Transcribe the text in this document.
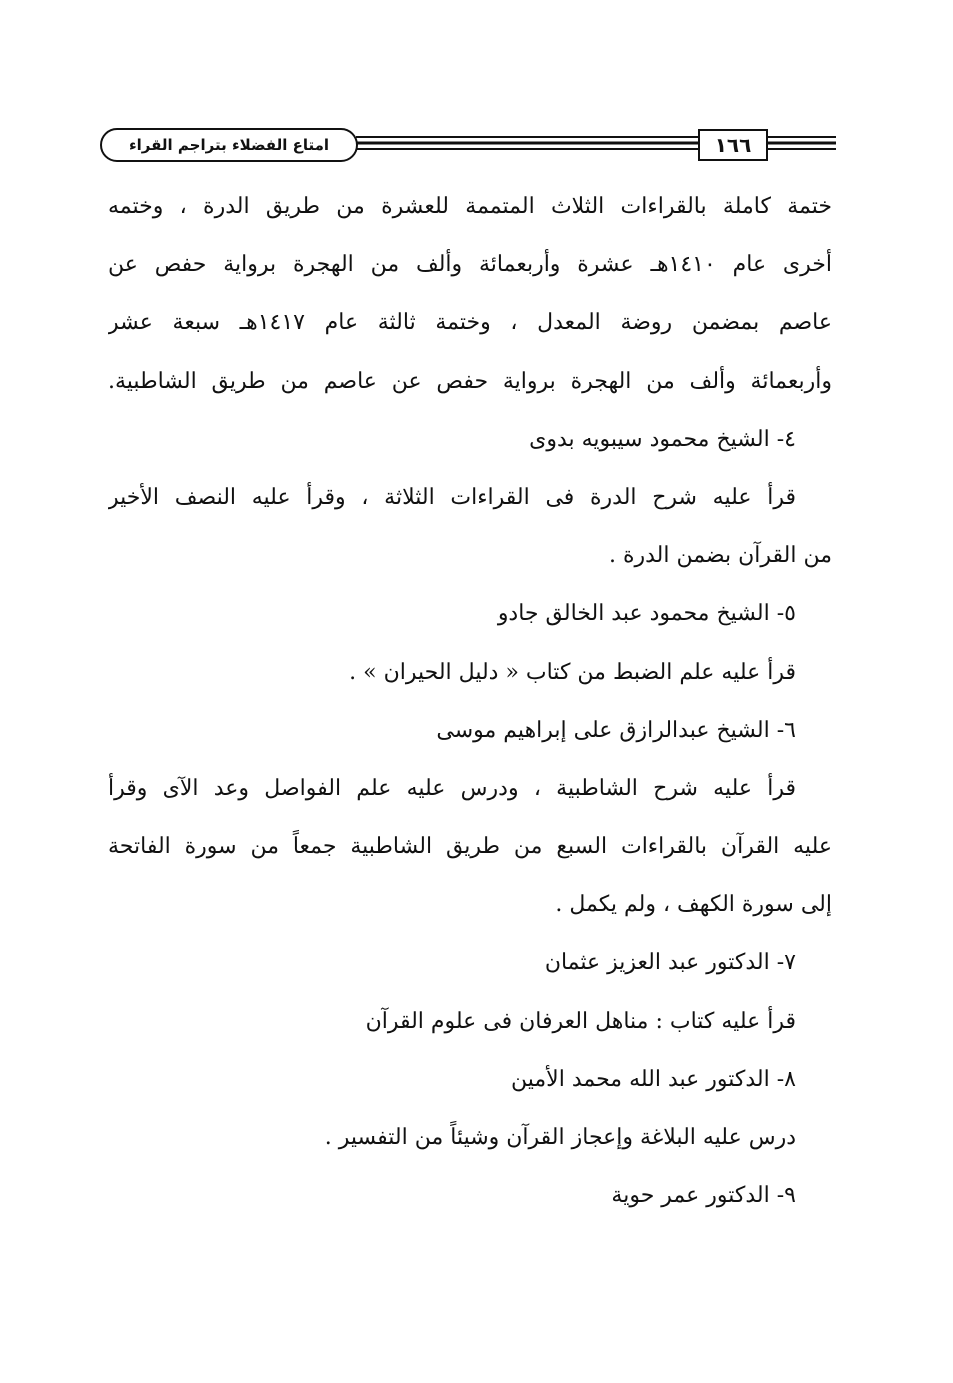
امتاع الفضلاء بتراجم القراء	١٦٦
ختمة كاملة بالقراءات الثلاث المتممة للعشرة من طريق الدرة ، وختمه
أخرى عام ١٤١٠هـ عشرة وأربعمائة وألف من الهجرة برواية حفص عن
عاصم بمضمن روضة المعدل ، وختمة ثالثة عام ١٤١٧هـ سبعة عشر
وأربعمائة وألف من الهجرة برواية حفص عن عاصم من طريق الشاطبية.
٤- الشيخ محمود سيبويه بدوى
قرأ عليه شرح الدرة فى القراءات الثلاثة ، وقرأ عليه النصف الأخير
من القرآن بضمن الدرة .
٥- الشيخ محمود عبد الخالق جادو
قرأ عليه علم الضبط من كتاب « دليل الحيران » .
٦- الشيخ عبدالرازق على إبراهيم موسى
قرأ عليه شرح الشاطبية ، ودرس عليه علم الفواصل وعد الآى وقرأ
عليه القرآن بالقراءات السبع من طريق الشاطبية جمعاً من سورة الفاتحة
إلى سورة الكهف ، ولم يكمل .
٧- الدكتور عبد العزيز عثمان
قرأ عليه كتاب : مناهل العرفان فى علوم القرآن
٨- الدكتور عبد الله محمد الأمين
درس عليه البلاغة وإعجاز القرآن وشيئاً من التفسير .
٩- الدكتور عمر حوية
